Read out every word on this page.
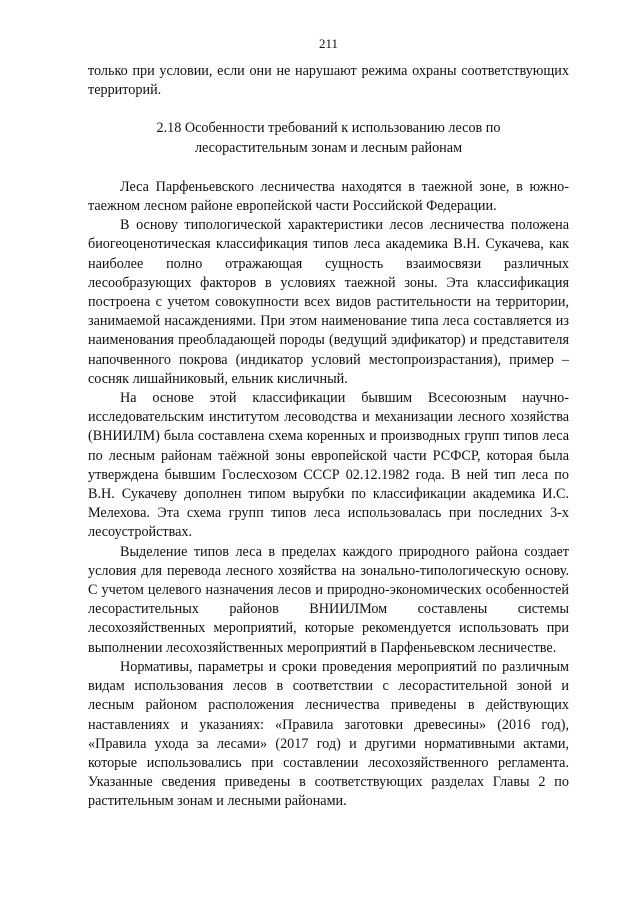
211

только при условии, если они не нарушают режима охраны соответствующих территорий.

2.18 Особенности требований к использованию лесов по
лесорастительным зонам и лесным районам

Леса Парфеньевского лесничества находятся в таежной зоне, в южно-таежном лесном районе европейской части Российской Федерации.

В основу типологической характеристики лесов лесничества положена биогеоценотическая классификация типов леса академика В.Н. Сукачева, как наиболее полно отражающая сущность взаимосвязи различных лесообразующих факторов в условиях таежной зоны. Эта классификация построена с учетом совокупности всех видов растительности на территории, занимаемой насаждениями. При этом наименование типа леса составляется из наименования преобладающей породы (ведущий эдификатор) и представителя напочвенного покрова (индикатор условий местопроизрастания), пример – сосняк лишайниковый, ельник кисличный.

На основе этой классификации бывшим Всесоюзным научно-исследовательским институтом лесоводства и механизации лесного хозяйства (ВНИИЛМ) была составлена схема коренных и производных групп типов леса по лесным районам таёжной зоны европейской части РСФСР, которая была утверждена бывшим Гослесхозом СССР 02.12.1982 года. В ней тип леса по В.Н. Сукачеву дополнен типом вырубки по классификации академика И.С. Мелехова. Эта схема групп типов леса использовалась при последних 3-х лесоустройствах.

Выделение типов леса в пределах каждого природного района создает условия для перевода лесного хозяйства на зонально-типологическую основу. С учетом целевого назначения лесов и природно-экономических особенностей лесорастительных районов ВНИИЛМом составлены системы лесохозяйственных мероприятий, которые рекомендуется использовать при выполнении лесохозяйственных мероприятий в Парфеньевском лесничестве.

Нормативы, параметры и сроки проведения мероприятий по различным видам использования лесов в соответствии с лесорастительной зоной и лесным районом расположения лесничества приведены в действующих наставлениях и указаниях: «Правила заготовки древесины» (2016 год), «Правила ухода за лесами» (2017 год) и другими нормативными актами, которые использовались при составлении лесохозяйственного регламента. Указанные сведения приведены в соответствующих разделах Главы 2 по растительным зонам и лесными районами.
